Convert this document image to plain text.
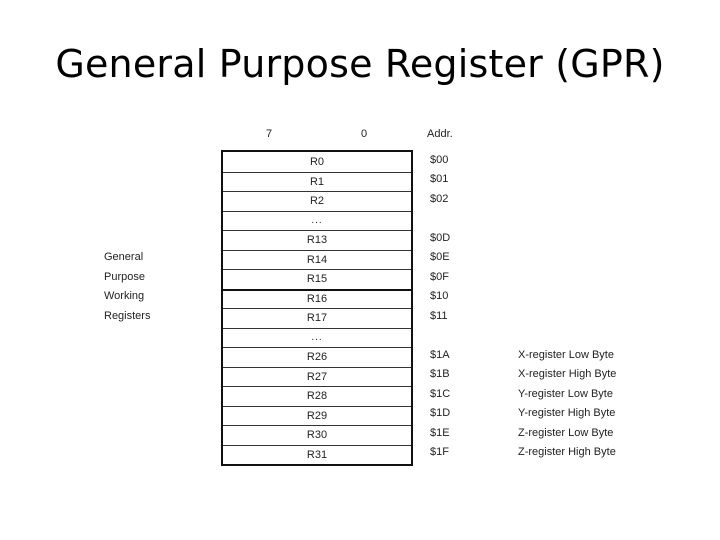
General Purpose Register (GPR)
7	0	Addr.
General
Purpose
Working
Registers
R0
R1
R2
...
R13
R14
R15
R16
R17
...
R26
R27
R28
R29
R30
R31
$00
$01
$02
$0D
$0E
$0F
$10
$11
$1A
$1B
$1C
$1D
$1E
$1F
X-register Low Byte
X-register High Byte
Y-register Low Byte
Y-register High Byte
Z-register Low Byte
Z-register High Byte
